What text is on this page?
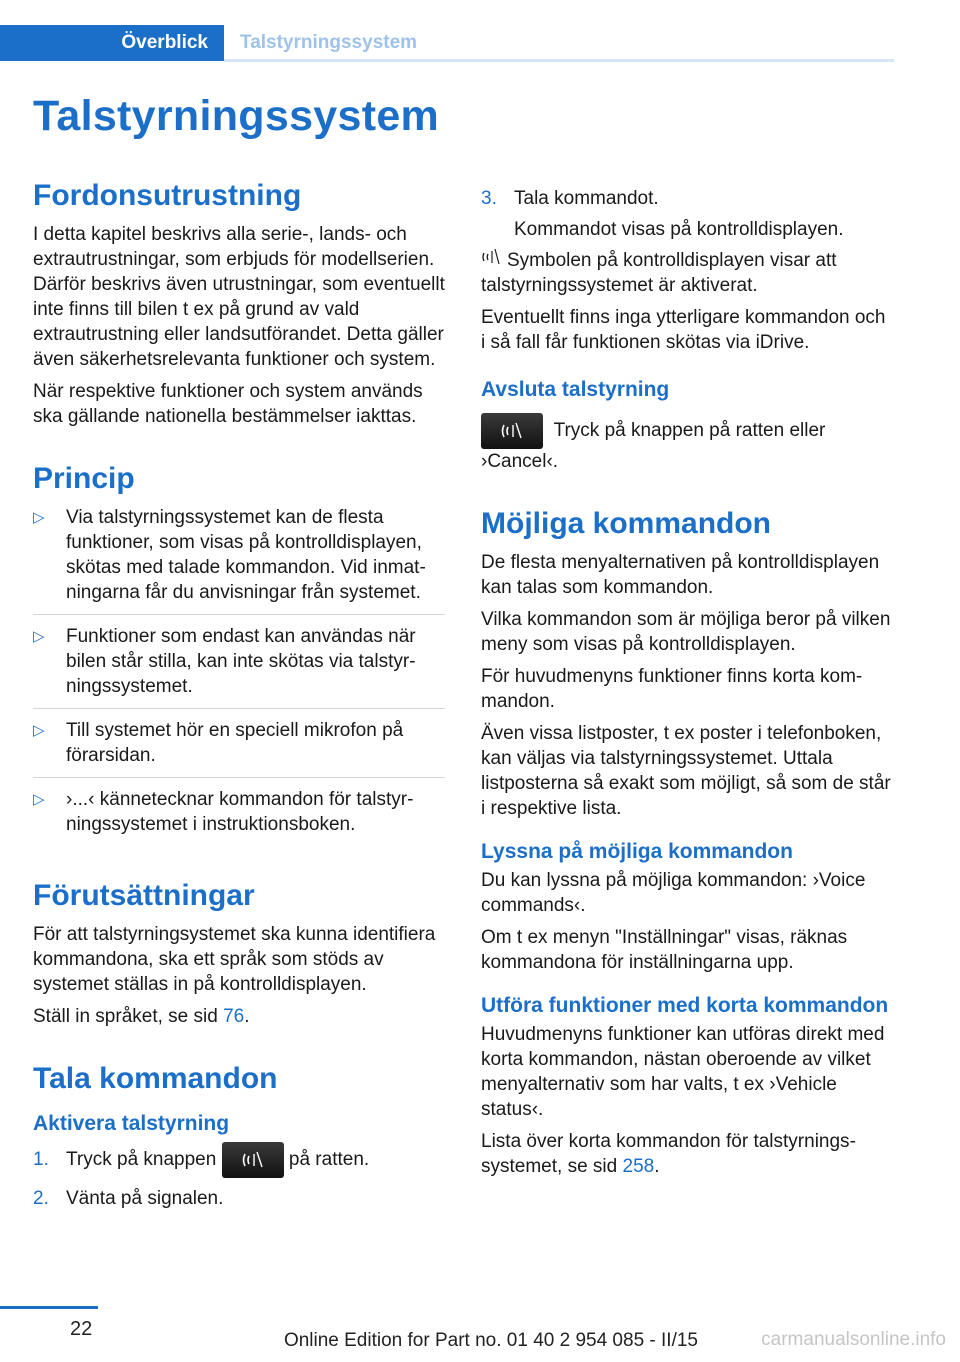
Överblick	Talstyrningssystem
Talstyrningssystem
Fordonsutrustning

I detta kapitel beskrivs alla serie-, lands- och extrautrustningar, som erbjuds för modellserien. Därför beskrivs även utrustningar, som eventuellt inte finns till bilen t ex på grund av vald extrautrustning eller landsutförandet. Detta gäller även säkerhetsrelevanta funktioner och system.

När respektive funktioner och system används ska gällande nationella bestämmelser iakttas.

Princip
▷ Via talstyrningssystemet kan de flesta funktioner, som visas på kontrolldisplayen, skötas med talade kommandon. Vid inmatningarna får du anvisningar från systemet.
▷ Funktioner som endast kan användas när bilen står stilla, kan inte skötas via talstyrningssystemet.
▷ Till systemet hör en speciell mikrofon på förarsidan.
▷ ›...‹ kännetecknar kommandon för talstyrningssystemet i instruktionsboken.
Förutsättningar

För att talstyrningsystemet ska kunna identifiera kommandona, ska ett språk som stöds av systemet ställas in på kontrolldisplayen.

Ställ in språket, se sid 76.

Tala kommandon
Aktivera talstyrning
1. Tryck på knappen	på ratten.
2. Vänta på signalen.
3. Tala kommandot.
Kommandot visas på kontrolldisplayen.

Symbolen på kontrolldisplayen visar att talstyrningssystemet är aktiverat.

Eventuellt finns inga ytterligare kommandon och i så fall får funktionen skötas via iDrive.

Avsluta talstyrning

Tryck på knappen på ratten eller ›Cancel‹.

Möjliga kommandon

De flesta menyalternativen på kontrolldisplayen kan talas som kommandon.

Vilka kommandon som är möjliga beror på vilken meny som visas på kontrolldisplayen.

För huvudmenyns funktioner finns korta kommandon.

Även vissa listposter, t ex poster i telefonboken, kan väljas via talstyrningssystemet. Uttala listposterna så exakt som möjligt, så som de står i respektive lista.

Lyssna på möjliga kommandon

Du kan lyssna på möjliga kommandon: ›Voice commands‹.

Om t ex menyn "Inställningar" visas, räknas kommandona för inställningarna upp.

Utföra funktioner med korta kommandon

Huvudmenyns funktioner kan utföras direkt med korta kommandon, nästan oberoende av vilket menyalternativ som har valts, t ex ›Vehicle status‹.

Lista över korta kommandon för talstyrningssystemet, se sid 258.

22
Online Edition for Part no. 01 40 2 954 085 - II/15	carmanualsonline.info
